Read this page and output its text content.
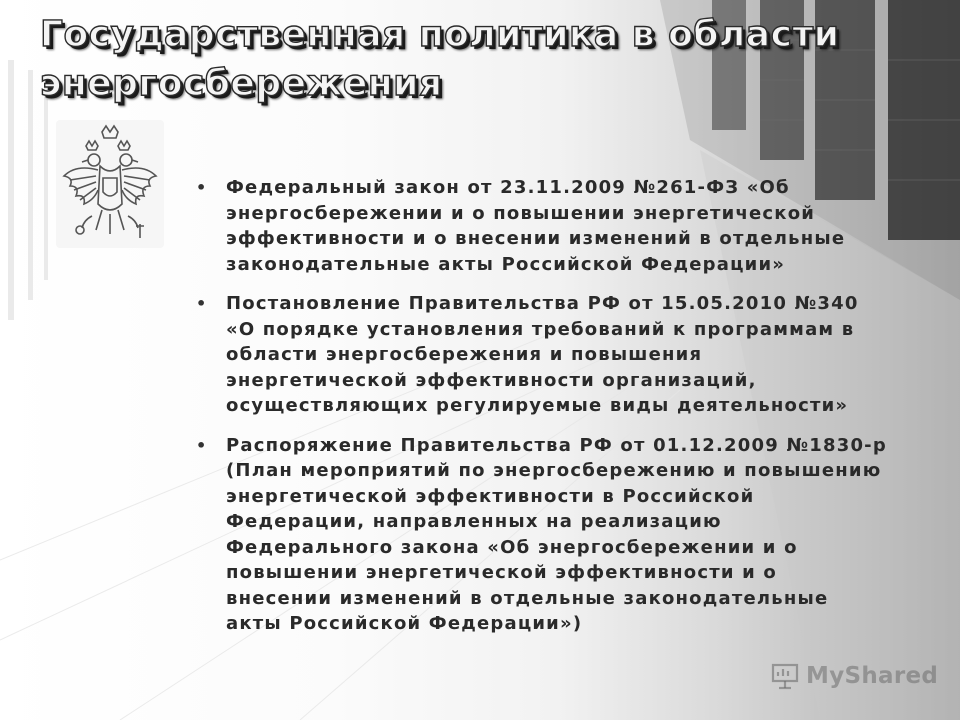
Государственная политика в области
энергосбережения
• Федеральный закон от 23.11.2009 №261-ФЗ «Об энергосбережении и о повышении энергетической эффективности и о внесении изменений в отдельные законодательные акты Российской Федерации»
• Постановление Правительства РФ от 15.05.2010 №340 «О порядке установления требований к программам в области энергосбережения и повышения энергетической эффективности организаций, осуществляющих регулируемые виды деятельности»
• Распоряжение Правительства РФ от 01.12.2009 №1830-р (План мероприятий по энергосбережению и повышению энергетической эффективности в Российской Федерации, направленных на реализацию Федерального закона «Об энергосбережении и о повышении энергетической эффективности и о внесении изменений в отдельные законодательные акты Российской Федерации»)
MyShared
